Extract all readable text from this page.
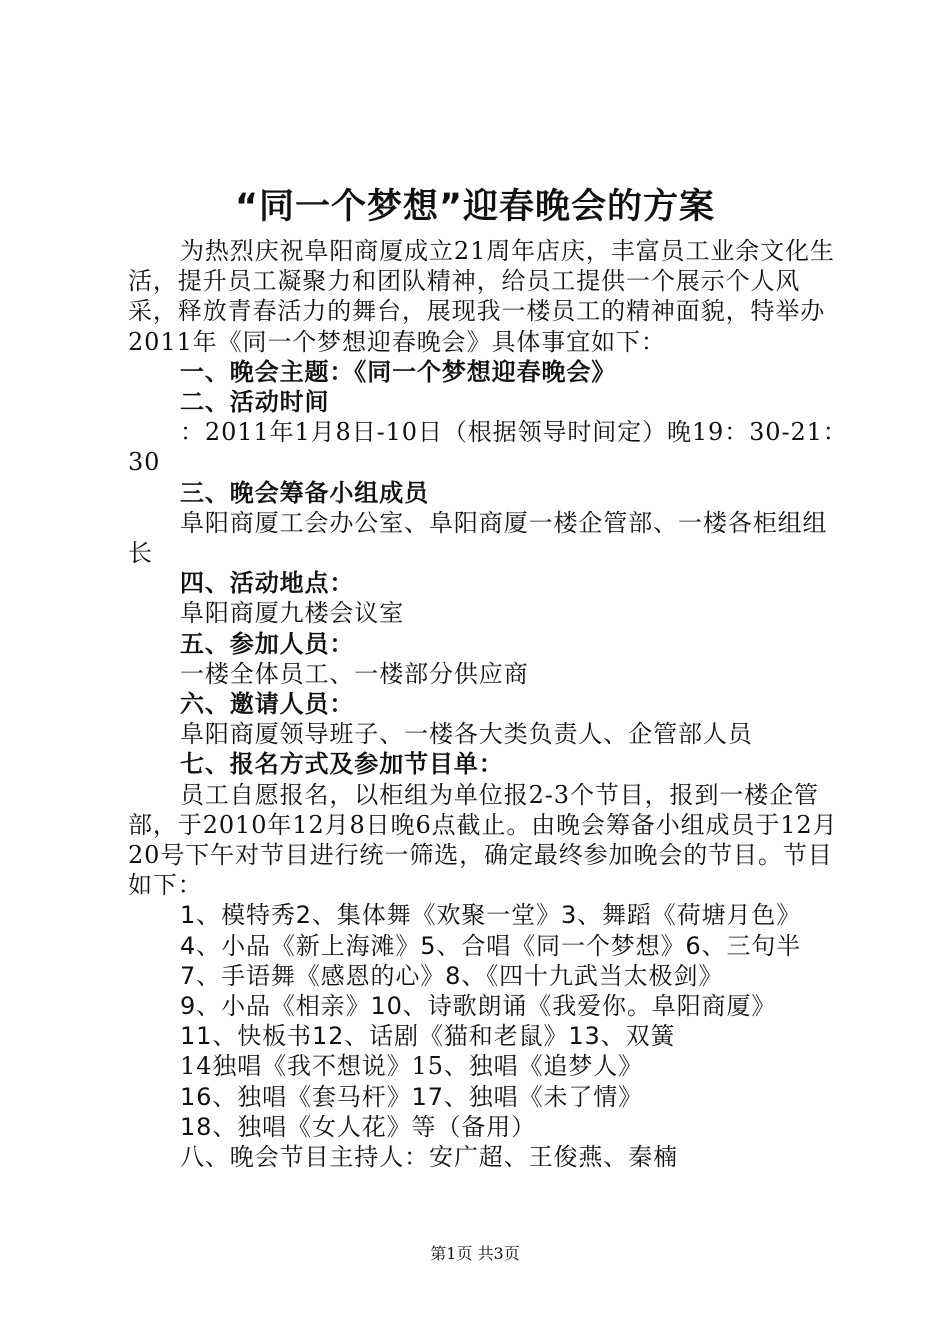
“同一个梦想”迎春晚会的方案

为热烈庆祝阜阳商厦成立21周年店庆，丰富员工业余文化生活，提升员工凝聚力和团队精神，给员工提供一个展示个人风采，释放青春活力的舞台，展现我一楼员工的精神面貌，特举办2011年《同一个梦想迎春晚会》具体事宜如下：

一、晚会主题：《同一个梦想迎春晚会》

二、活动时间

：2011年1月8日-10日（根据领导时间定）晚19：30-21：30

三、晚会筹备小组成员

阜阳商厦工会办公室、阜阳商厦一楼企管部、一楼各柜组组长

四、活动地点：

阜阳商厦九楼会议室

五、参加人员：

一楼全体员工、一楼部分供应商

六、邀请人员：

阜阳商厦领导班子、一楼各大类负责人、企管部人员

七、报名方式及参加节目单：

员工自愿报名，以柜组为单位报2-3个节目，报到一楼企管部，于2010年12月8日晚6点截止。由晚会筹备小组成员于12月20号下午对节目进行统一筛选，确定最终参加晚会的节目。节目如下：

1、模特秀2、集体舞《欢聚一堂》3、舞蹈《荷塘月色》

4、小品《新上海滩》5、合唱《同一个梦想》6、三句半

7、手语舞《感恩的心》8、《四十九武当太极剑》

9、小品《相亲》10、诗歌朗诵《我爱你。阜阳商厦》

11、快板书12、话剧《猫和老鼠》13、双簧

14独唱《我不想说》15、独唱《追梦人》

16、独唱《套马杆》17、独唱《未了情》

18、独唱《女人花》等（备用）

八、晚会节目主持人：安广超、王俊燕、秦楠

第1页 共3页
